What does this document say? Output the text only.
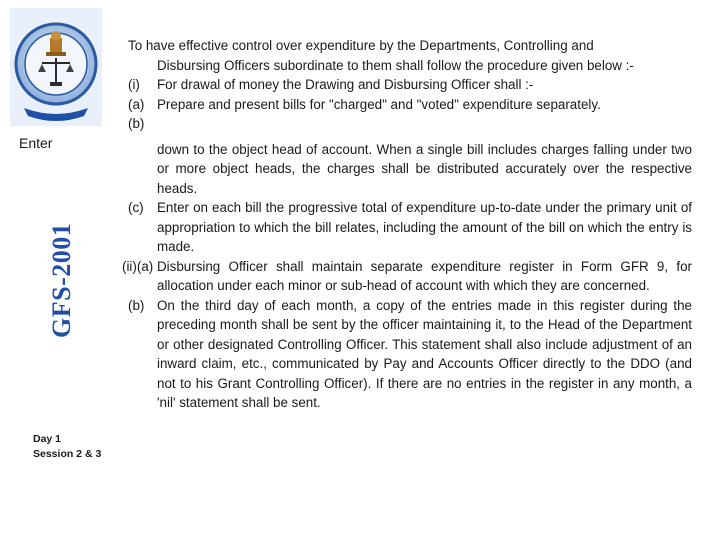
Enter
GFS-2001
Day 1
Session 2 & 3

To have effective control over expenditure by the Departments, Controlling and

Disbursing Officers subordinate to them shall follow the procedure given below :-

(i) For drawal of money the Drawing and Disbursing Officer shall :-

(a) Prepare and present bills for "charged" and "voted" expenditure separately.

(b)

down to the object head of account. When a single bill includes charges falling under two or more object heads, the charges shall be distributed accurately over the respective heads.

(c) Enter on each bill the progressive total of expenditure up-to-date under the primary unit of appropriation to which the bill relates, including the amount of the bill on which the entry is made.

(ii)(a) Disbursing Officer shall maintain separate expenditure register in Form GFR 9, for allocation under each minor or sub-head of account with which they are concerned.

(b) On the third day of each month, a copy of the entries made in this register during the preceding month shall be sent by the officer maintaining it, to the Head of the Department or other designated Controlling Officer. This statement shall also include adjustment of an inward claim, etc., communicated by Pay and Accounts Officer directly to the DDO (and not to his Grant Controlling Officer). If there are no entries in the register in any month, a 'nil' statement shall be sent.
